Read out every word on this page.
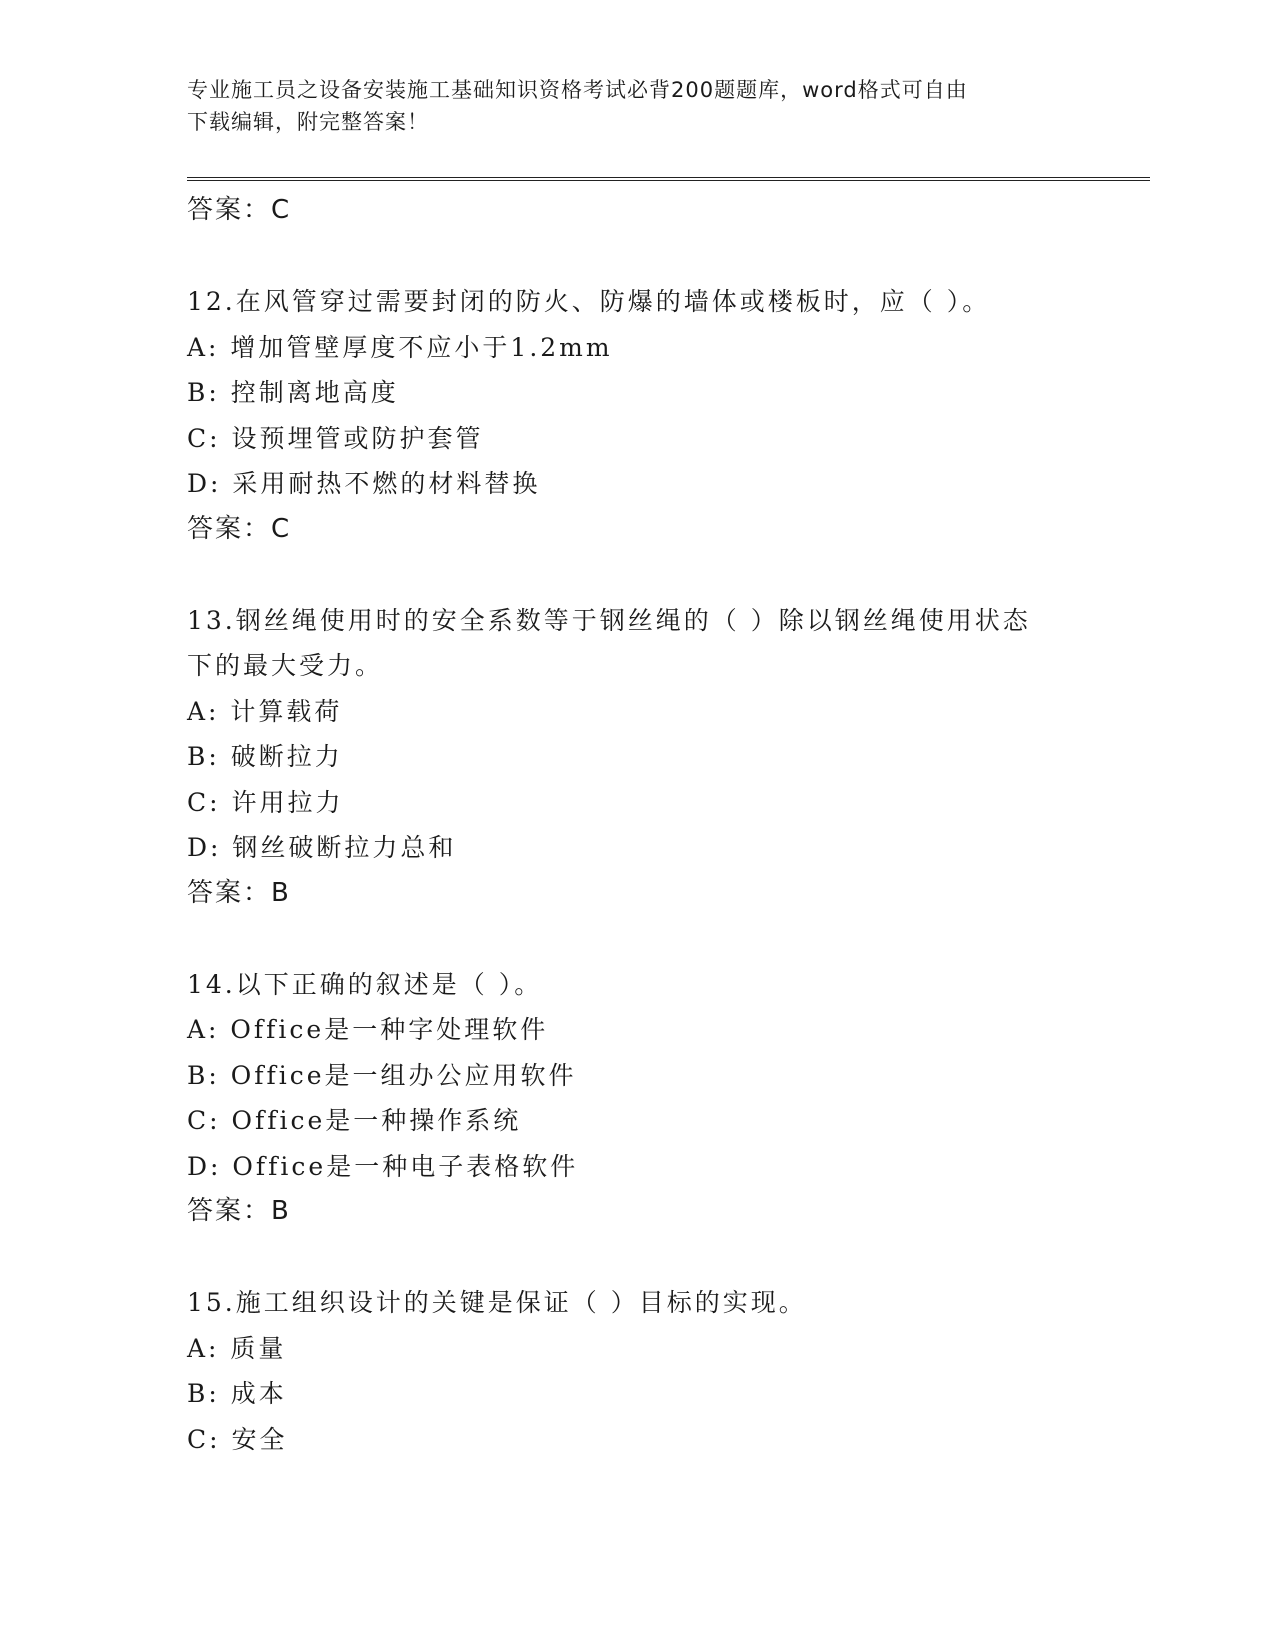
专业施工员之设备安装施工基础知识资格考试必背200题题库，word格式可自由
下载编辑，附完整答案！
答案：C
12.在风管穿过需要封闭的防火、防爆的墙体或楼板时，应（ ）。
A: 增加管壁厚度不应小于1.2mm
B: 控制离地高度
C: 设预埋管或防护套管
D: 采用耐热不燃的材料替换
答案：C
13.钢丝绳使用时的安全系数等于钢丝绳的（ ）除以钢丝绳使用状态
下的最大受力。
A: 计算载荷
B: 破断拉力
C: 许用拉力
D: 钢丝破断拉力总和
答案：B
14.以下正确的叙述是（ ）。
A: Office是一种字处理软件
B: Office是一组办公应用软件
C: Office是一种操作系统
D: Office是一种电子表格软件
答案：B
15.施工组织设计的关键是保证（ ）目标的实现。
A: 质量
B: 成本
C: 安全
